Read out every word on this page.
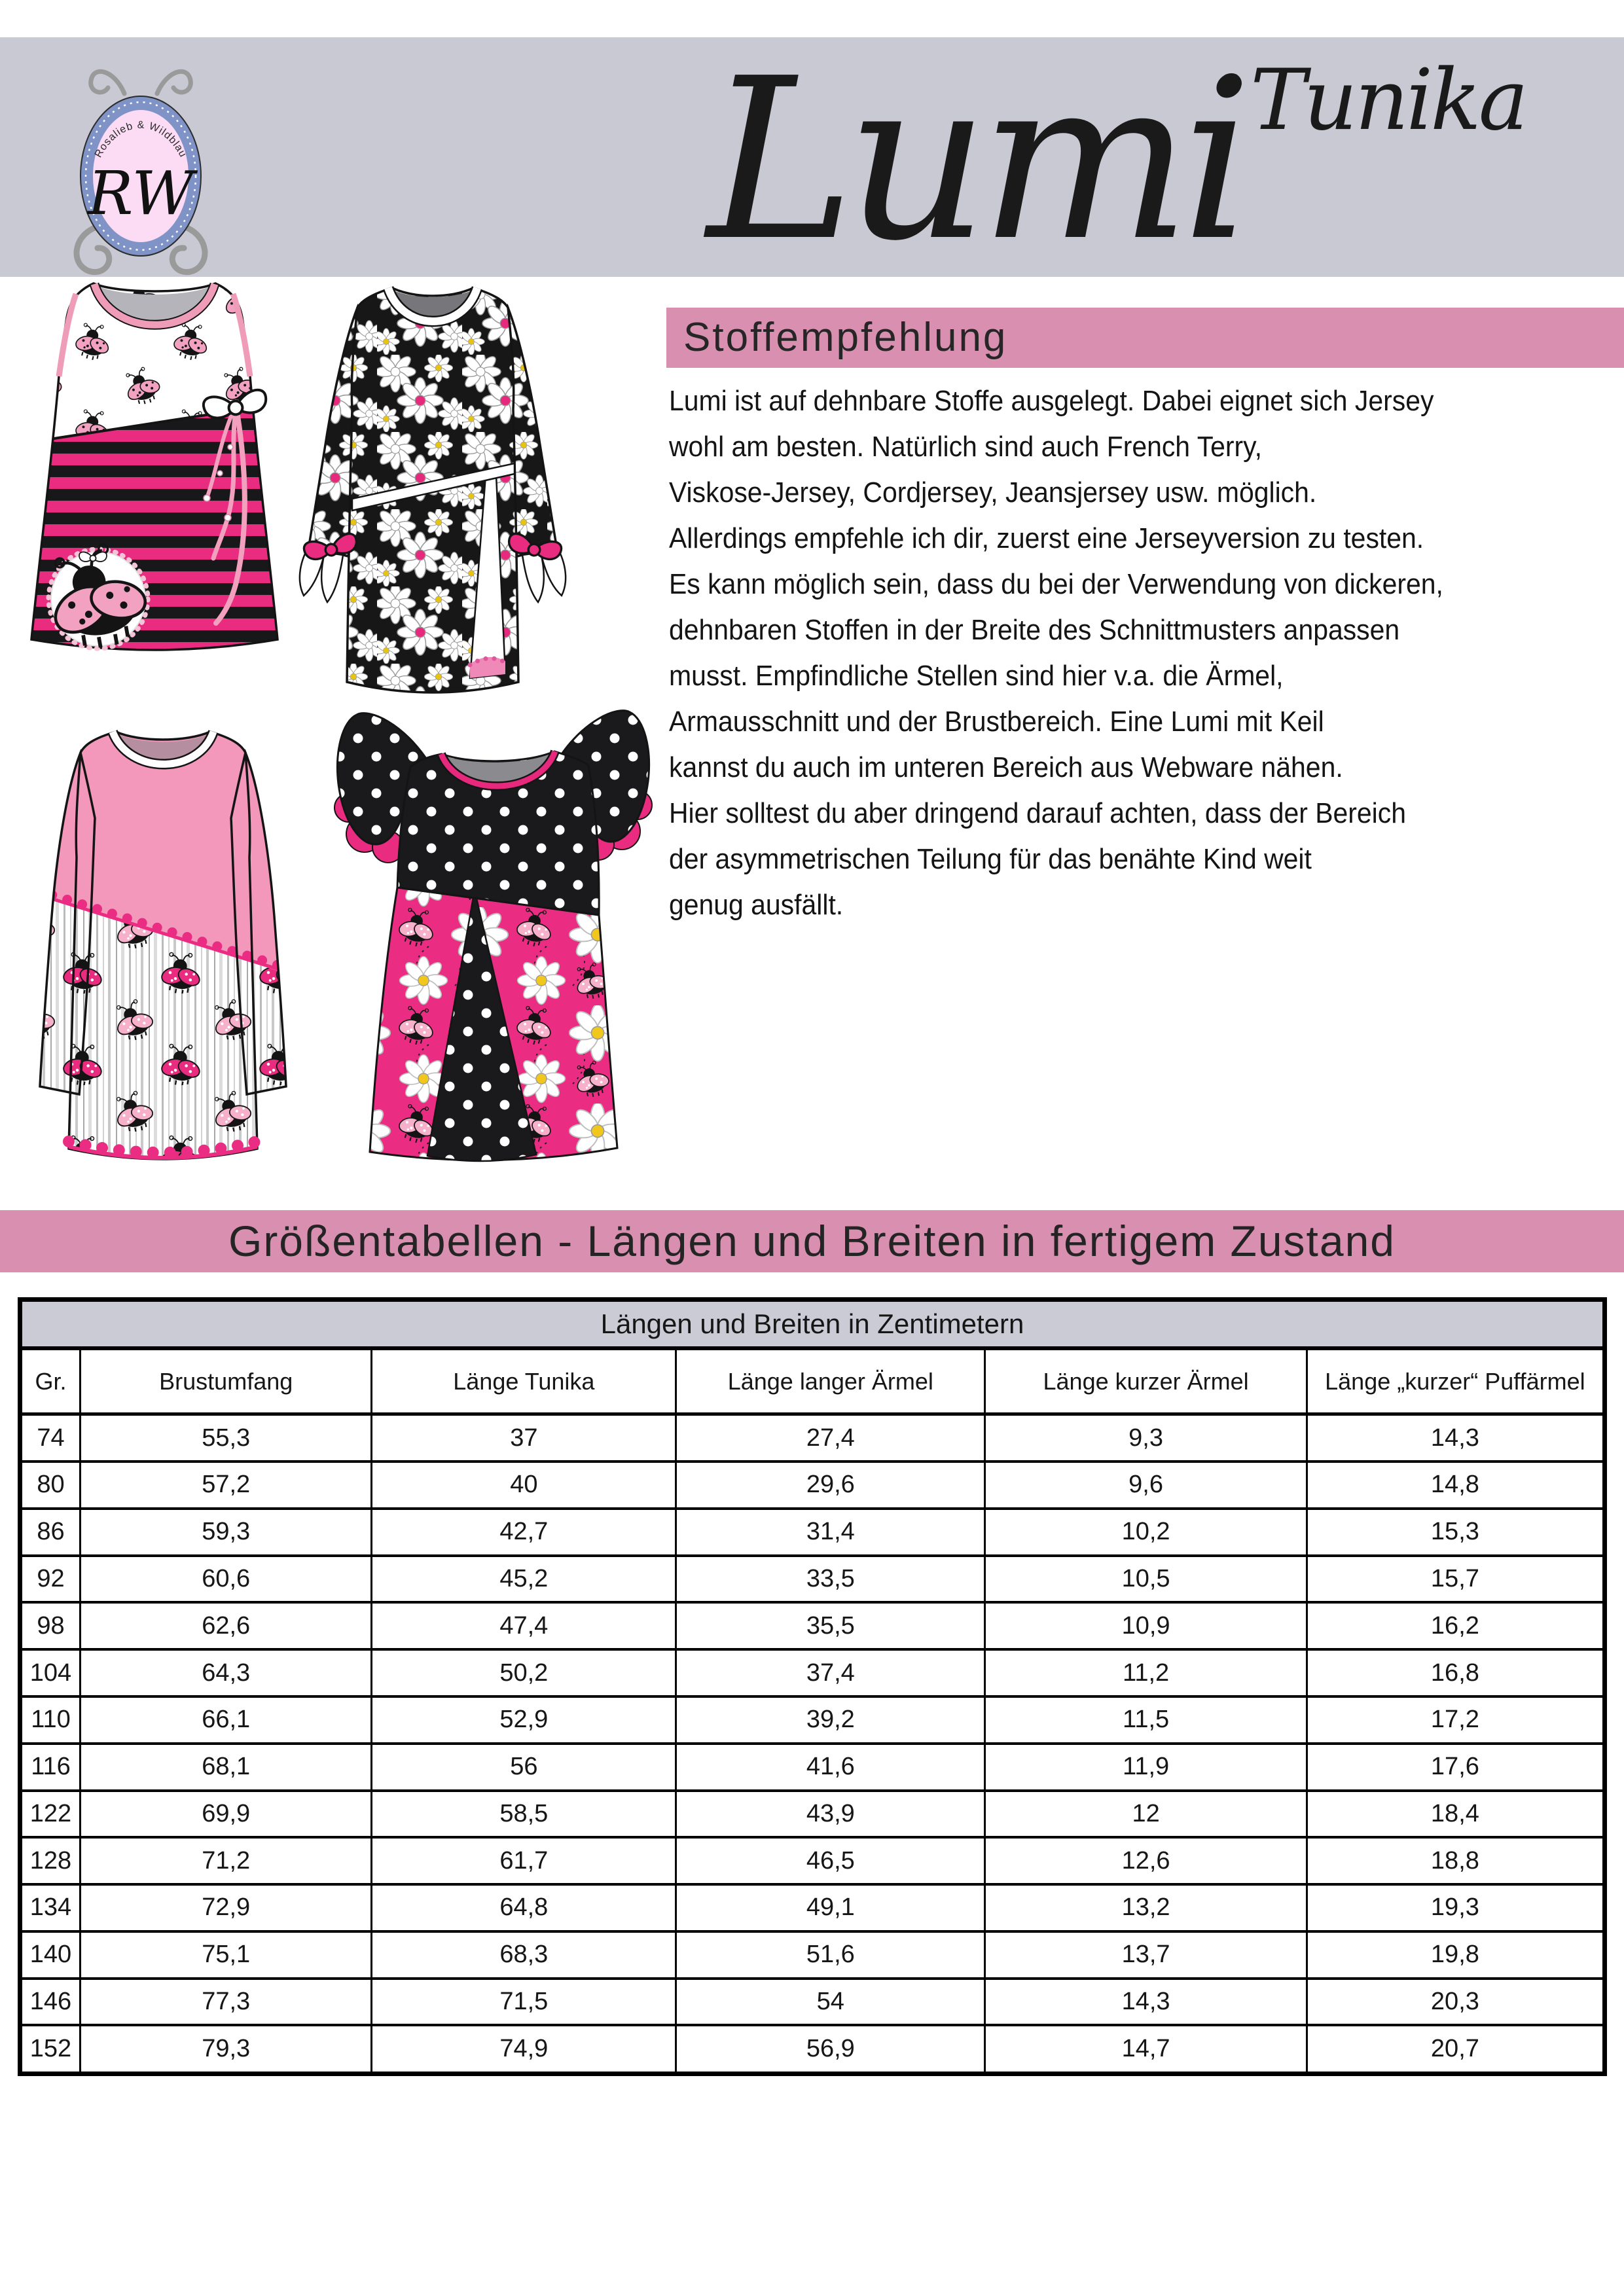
Rosalieb & Wildblau
RW Lumi Tunika
Stoffempfehlung
Lumi ist auf dehnbare Stoffe ausgelegt. Dabei eignet sich Jersey
wohl am besten. Natürlich sind auch French Terry,
Viskose-Jersey, Cordjersey, Jeansjersey usw. möglich.
Allerdings empfehle ich dir, zuerst eine Jerseyversion zu testen.
Es kann möglich sein, dass du bei der Verwendung von dickeren,
dehnbaren Stoffen in der Breite des Schnittmusters anpassen
musst. Empfindliche Stellen sind hier v.a. die Ärmel,
Armausschnitt und der Brustbereich. Eine Lumi mit Keil
kannst du auch im unteren Bereich aus Webware nähen.
Hier solltest du aber dringend darauf achten, dass der Bereich
der asymmetrischen Teilung für das benähte Kind weit
genug ausfällt.
Größentabellen - Längen und Breiten in fertigem Zustand
Längen und Breiten in Zentimetern					
Gr.	Brustumfang	Länge Tunika	Länge langer Ärmel	Länge kurzer Ärmel	Länge „kurzer“ Puffärmel
74	55,3	37	27,4	9,3	14,3
80	57,2	40	29,6	9,6	14,8
86	59,3	42,7	31,4	10,2	15,3
92	60,6	45,2	33,5	10,5	15,7
98	62,6	47,4	35,5	10,9	16,2
104	64,3	50,2	37,4	11,2	16,8
110	66,1	52,9	39,2	11,5	17,2
116	68,1	56	41,6	11,9	17,6
122	69,9	58,5	43,9	12	18,4
128	71,2	61,7	46,5	12,6	18,8
134	72,9	64,8	49,1	13,2	19,3
140	75,1	68,3	51,6	13,7	19,8
146	77,3	71,5	54	14,3	20,3
152	79,3	74,9	56,9	14,7	20,7
